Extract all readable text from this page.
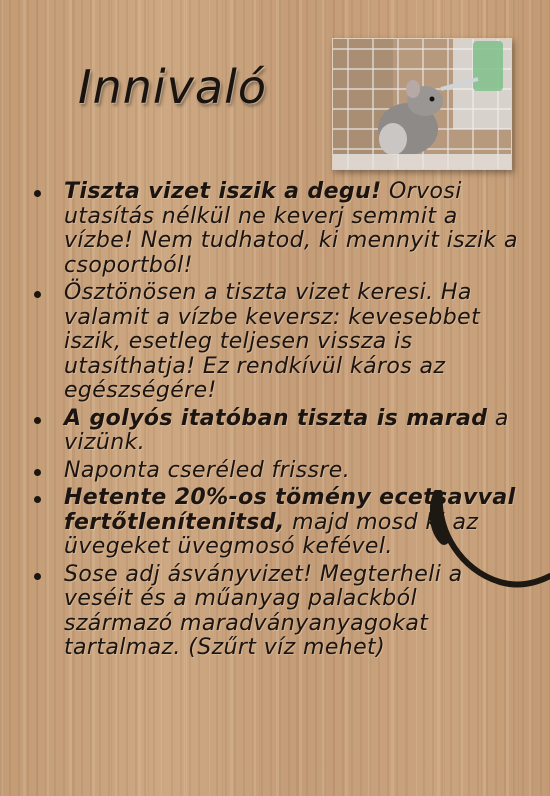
Innivaló
Tiszta vizet iszik a degu! Orvosi utasítás nélkül ne keverj semmit a vízbe! Nem tudhatod, ki mennyit iszik a csoportból!
Ösztönösen a tiszta vizet keresi. Ha valamit a vízbe keversz: kevesebbet iszik, esetleg teljesen vissza is utasíthatja! Ez rendkívül káros az egészségére!
A golyós itatóban tiszta is marad a vizünk.
Naponta cseréled frissre.
Hetente 20%-os tömény ecetsavval fertőtlenítenitsd, majd mosd ki az üvegeket üvegmosó kefével.
Sose adj ásványvizet! Megterheli a veséit és a műanyag palackból származó maradványanyagokat tartalmaz. (Szűrt víz mehet)
